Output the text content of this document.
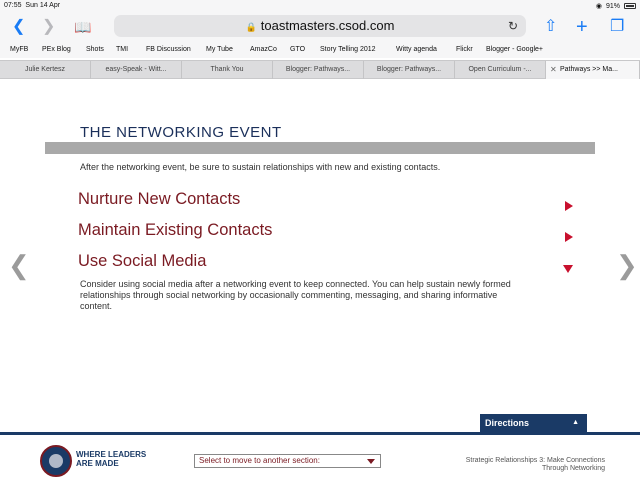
07:55 Sun 14 Apr	◉ 91%
❮ ❯ 📖	🔒 toastmasters.csod.com	↻ ⇧ + ❐
MyFB PEx Blog Shots TMI	FB Discussion My Tube AmazCo GTO Story Telling 2012	Witty agenda	Flickr Blogger - Google+
Julie Kertesz	easy-Speak - Witt...	Thank You	Blogger: Pathways...	Blogger: Pathways...	Open Curriculum -...	✕ Pathways >> Ma...
❮	❯
THE NETWORKING EVENT
After the networking event, be sure to sustain relationships with new and existing contacts.
Nurture New Contacts
Maintain Existing Contacts
Use Social Media
Consider using social media after a networking event to keep connected. You can help sustain newly formed relationships through social networking by occasionally commenting, messaging, and sharing informative content.
Directions	▲
WHERE LEADERS
ARE MADE	Select to move to another section:	Strategic Relationships 3: Make Connections
Through Networking
